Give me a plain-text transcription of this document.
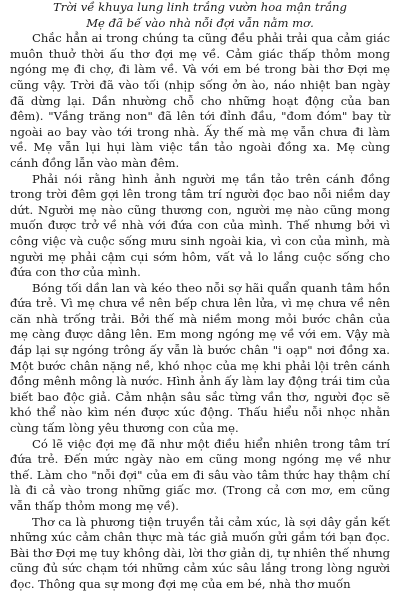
Trời về khuya lung linh trắng vườn hoa mận trắng
Mẹ đã bế vào nhà nỗi đợi vẫn nằm mơ.

Chắc hẳn ai trong chúng ta cũng đều phải trải qua cảm giác muôn thuở thời ấu thơ đợi mẹ về. Cảm giác thấp thỏm mong ngóng mẹ đi chợ, đi làm về. Và với em bé trong bài thơ Đợi mẹ cũng vậy. Trời đã vào tối (nhịp sống ởn ào, náo nhiệt ban ngày đã dừng lại. Dần nhường chỗ cho những hoạt động của ban đêm). "Vầng trăng non" đã lên tới đỉnh đầu, "đom đóm" bay từ ngoài ao bay vào tới trong nhà. Ấy thế mà mẹ vẫn chưa đi làm về. Mẹ vẫn lụi hụi làm việc tần tảo ngoài đồng xa. Mẹ cùng cánh đồng lẫn vào màn đêm.

Phải nói rằng hình ảnh người mẹ tần tảo trên cánh đồng trong trời đêm gợi lên trong tâm trí người đọc bao nỗi niềm day dứt. Người mẹ nào cũng thương con, người mẹ nào cũng mong muốn được trở về nhà với đứa con của mình. Thế nhưng bởi vì công việc và cuộc sống mưu sinh ngoài kia, vì con của mình, mà người mẹ phải cậm cụi sớm hôm, vất vả lo lắng cuộc sống cho đứa con thơ của mình.

Bóng tối dần lan và kéo theo nỗi sợ hãi quẩn quanh tâm hồn đứa trẻ. Vì mẹ chưa về nên bếp chưa lên lửa, vì mẹ chưa về nên căn nhà trống trải. Bởi thế mà niềm mong mỏi bước chân của mẹ càng được dâng lên. Em mong ngóng mẹ về với em. Vậy mà đáp lại sự ngóng trông ấy vẫn là bước chân "i oạp" nơi đồng xa. Một bước chân nặng nề, khó nhọc của mẹ khi phải lội trên cánh đồng mênh mông là nước. Hình ảnh ấy làm lay động trái tim của biết bao độc giả. Cảm nhận sâu sắc từng vần thơ, người đọc sẽ khó thể nào kìm nén được xúc động. Thấu hiểu nỗi nhọc nhằn cùng tấm lòng yêu thương con của mẹ.

Có lẽ việc đợi mẹ đã như một điều hiển nhiên trong tâm trí đứa trẻ. Đến mức ngày nào em cũng mong ngóng mẹ về như thế. Làm cho "nỗi đợi" của em đi sâu vào tâm thức hay thậm chí là đi cả vào trong những giấc mơ. (Trong cả cơn mơ, em cũng vẫn thấp thỏm mong mẹ về).

Thơ ca là phương tiện truyền tải cảm xúc, là sợi dây gắn kết những xúc cảm chân thực mà tác giả muốn gửi gắm tới bạn đọc. Bài thơ Đợi mẹ tuy không dài, lời thơ giản dị, tự nhiên thế nhưng cũng đủ sức chạm tới những cảm xúc sâu lắng trong lòng người đọc. Thông qua sự mong đợi mẹ của em bé, nhà thơ muốn
